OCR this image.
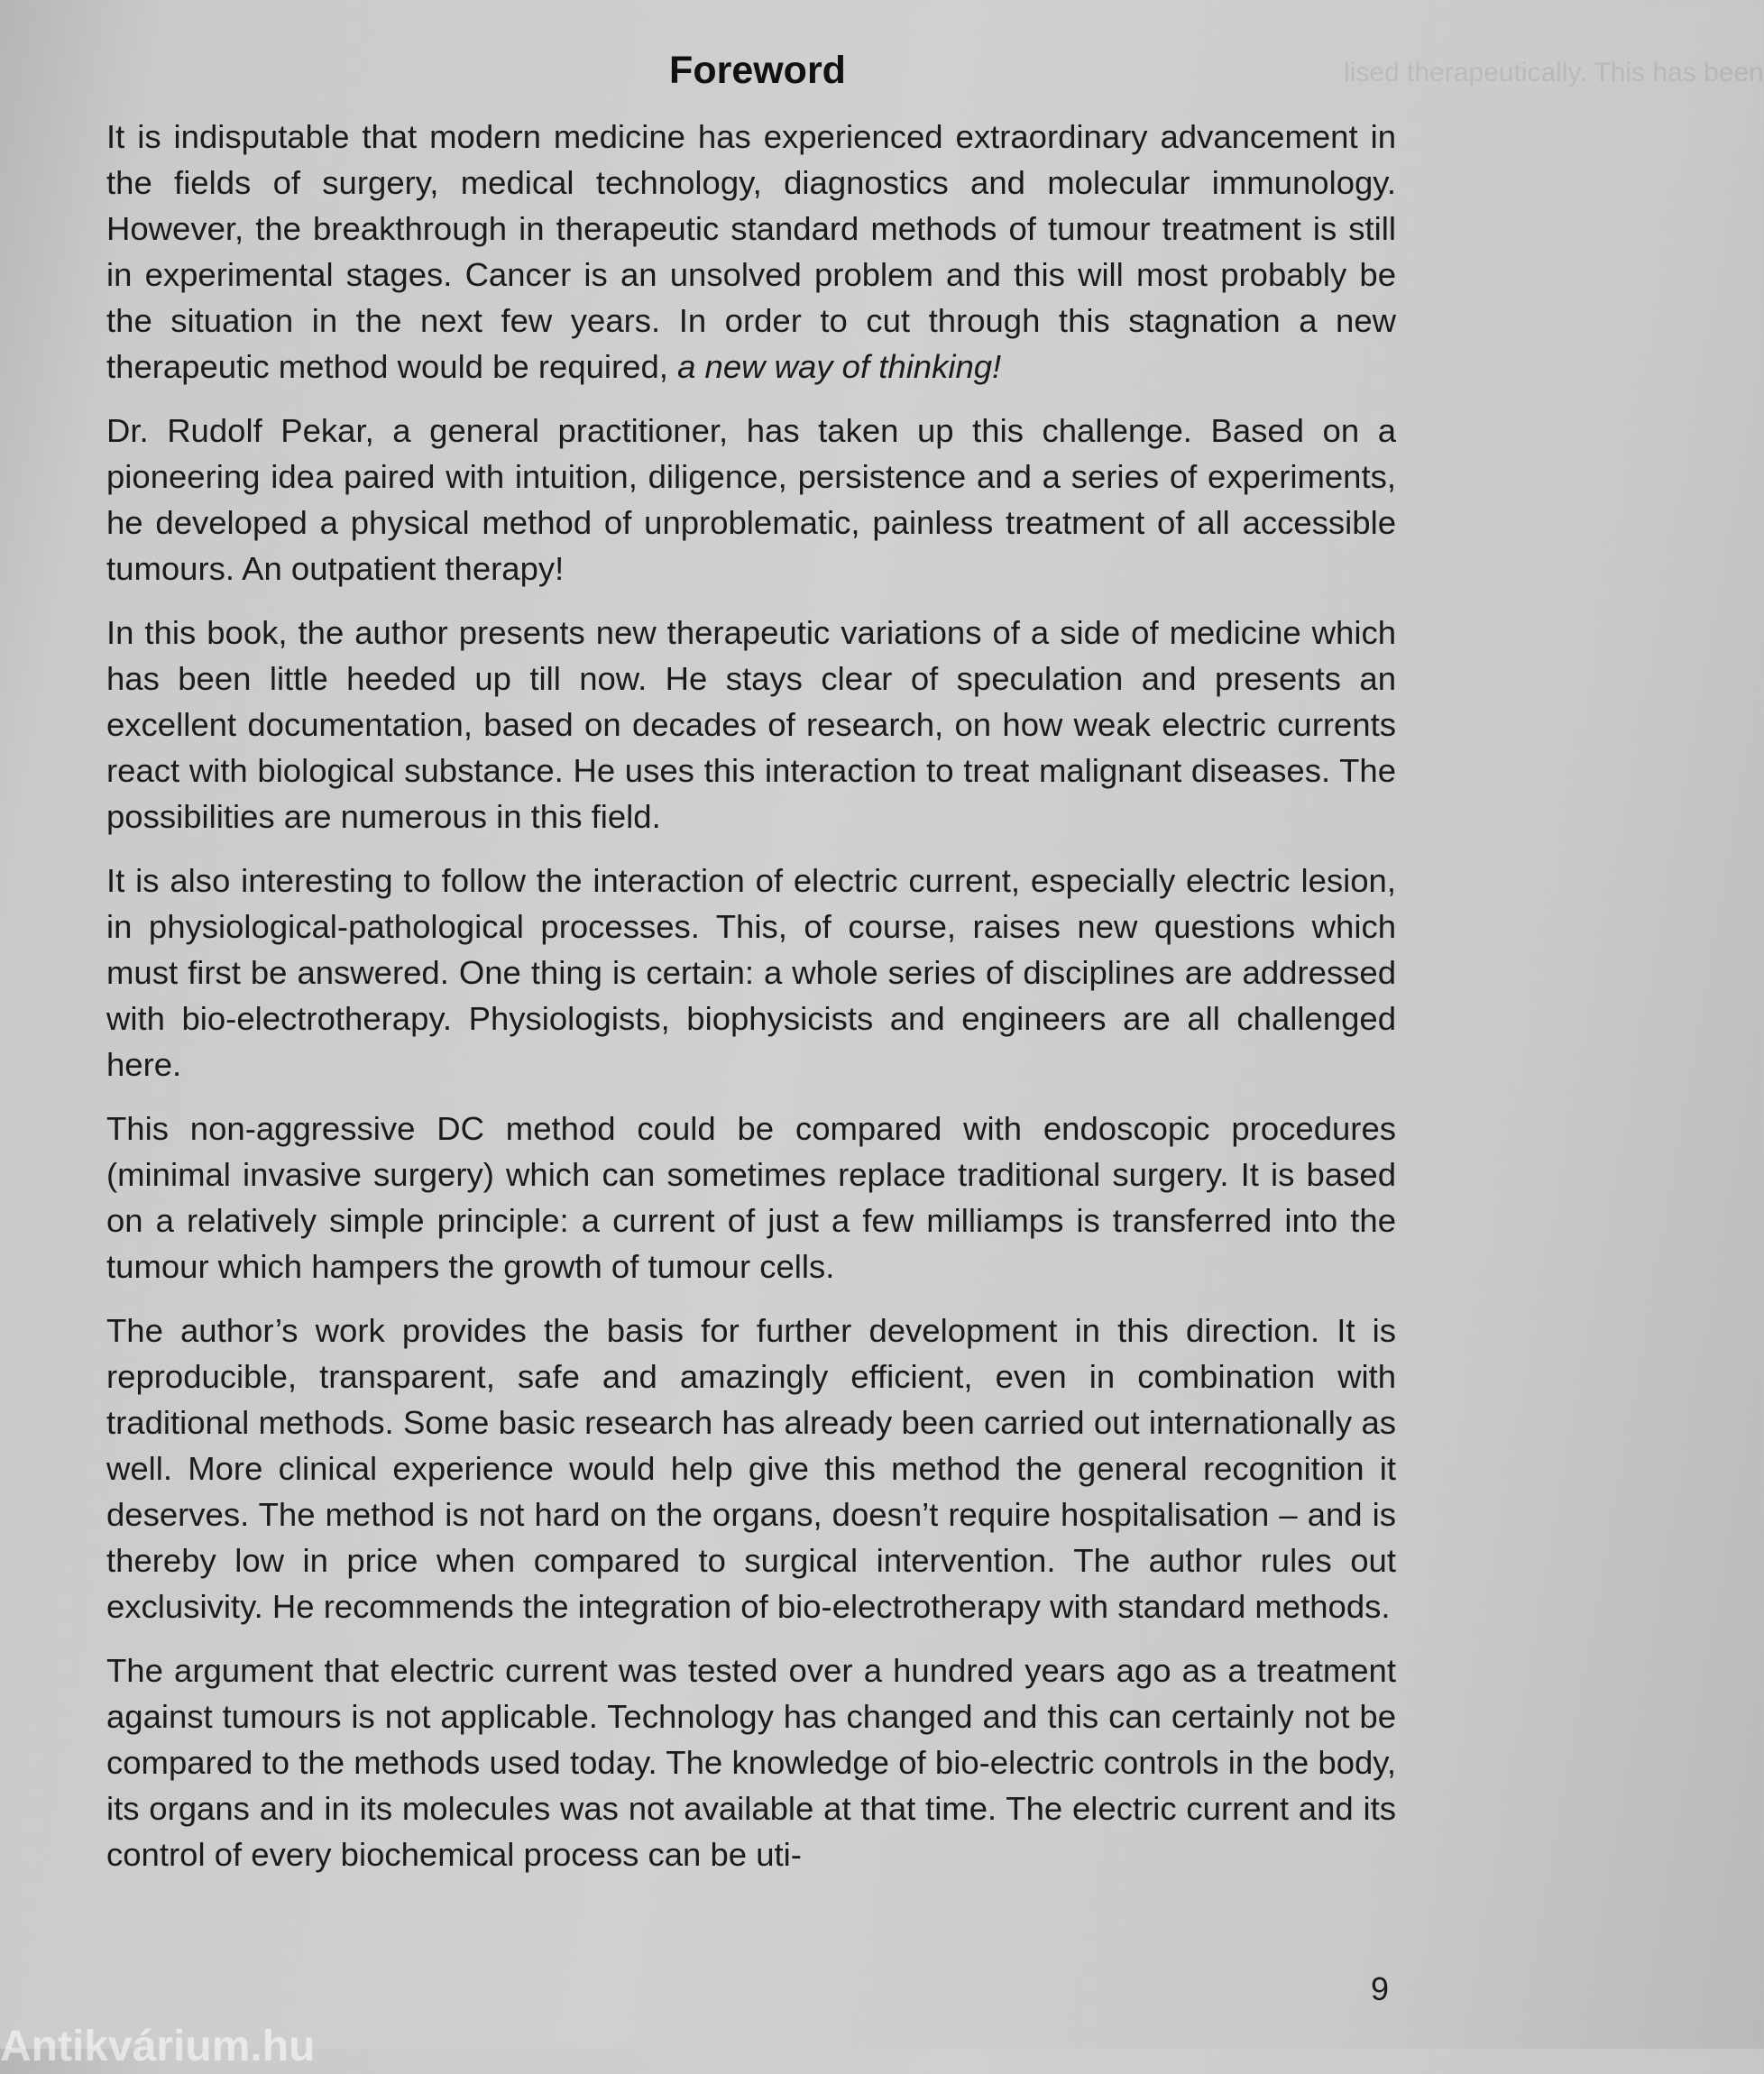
lised therapeutically. This has been
Foreword

It is indisputable that modern medicine has experienced extraordinary advancement in the fields of surgery, medical technology, diagnostics and molecular immunology. However, the breakthrough in therapeutic standard methods of tumour treatment is still in experimental stages. Cancer is an unsolved problem and this will most probably be the situation in the next few years. In order to cut through this stagnation a new therapeutic method would be required, a new way of thinking!

Dr. Rudolf Pekar, a general practitioner, has taken up this challenge. Based on a pioneering idea paired with intuition, diligence, persistence and a series of experiments, he developed a physical method of unproblematic, painless treatment of all accessible tumours. An outpatient therapy!

In this book, the author presents new therapeutic variations of a side of medicine which has been little heeded up till now. He stays clear of speculation and presents an excellent documentation, based on decades of research, on how weak electric currents react with biological substance. He uses this interaction to treat malignant diseases. The possibilities are numerous in this field.

It is also interesting to follow the interaction of electric current, especially electric lesion, in physiological-pathological processes. This, of course, raises new questions which must first be answered. One thing is certain: a whole series of disciplines are addressed with bio-electrotherapy. Physiologists, biophysicists and engineers are all challenged here.

This non-aggressive DC method could be compared with endoscopic procedures (minimal invasive surgery) which can sometimes replace traditional surgery. It is based on a relatively simple principle: a current of just a few milliamps is transferred into the tumour which hampers the growth of tumour cells.

The author’s work provides the basis for further development in this direction. It is reproducible, transparent, safe and amazingly efficient, even in combination with traditional methods. Some basic research has already been carried out internationally as well. More clinical experience would help give this method the general recognition it deserves. The method is not hard on the organs, doesn’t require hospitalisation – and is thereby low in price when compared to surgical intervention. The author rules out exclusivity. He recommends the integration of bio-electrotherapy with standard methods.

The argument that electric current was tested over a hundred years ago as a treatment against tumours is not applicable. Technology has changed and this can certainly not be compared to the methods used today. The knowledge of bio-electric controls in the body, its organs and in its molecules was not available at that time. The electric current and its control of every biochemical process can be uti-

9
Antikvárium.hu
